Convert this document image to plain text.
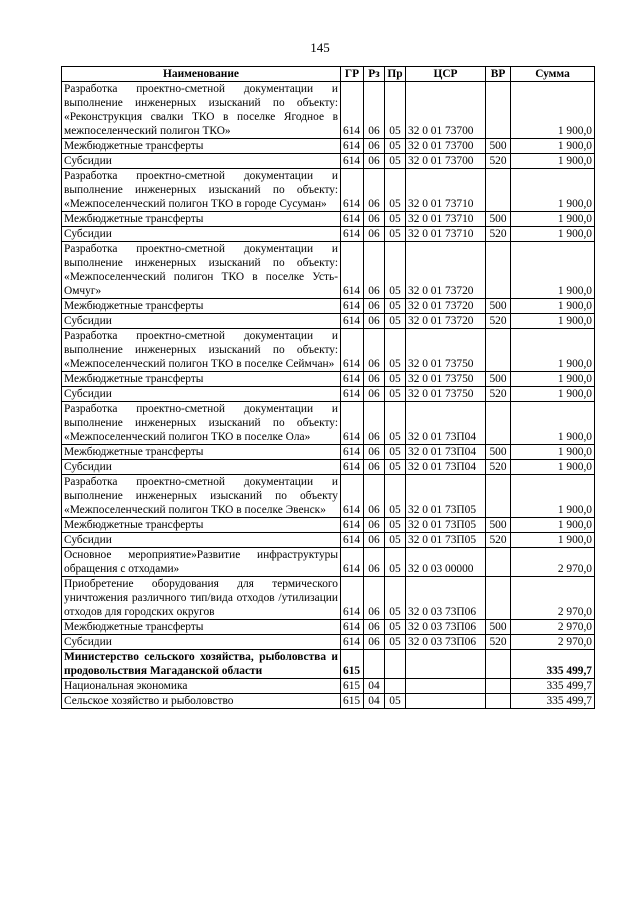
145
Наименование	ГР	Рз	Пр	ЦСР	ВР	Сумма
Разработка проектно-сметной документации и выполнение инженерных изысканий по объекту: «Реконструкция свалки ТКО в поселке Ягодное в межпоселенческий полигон ТКО»	614	06	05	32 0 01 73700		1 900,0
Межбюджетные трансферты	614	06	05	32 0 01 73700	500	1 900,0
Субсидии	614	06	05	32 0 01 73700	520	1 900,0
Разработка проектно-сметной документации и выполнение инженерных изысканий по объекту: «Межпоселенческий полигон ТКО в городе Сусуман»	614	06	05	32 0 01 73710		1 900,0
Межбюджетные трансферты	614	06	05	32 0 01 73710	500	1 900,0
Субсидии	614	06	05	32 0 01 73710	520	1 900,0
Разработка проектно-сметной документации и выполнение инженерных изысканий по объекту: «Межпоселенческий полигон ТКО в поселке Усть-Омчуг»	614	06	05	32 0 01 73720		1 900,0
Межбюджетные трансферты	614	06	05	32 0 01 73720	500	1 900,0
Субсидии	614	06	05	32 0 01 73720	520	1 900,0
Разработка проектно-сметной документации и выполнение инженерных изысканий по объекту: «Межпоселенческий полигон ТКО в поселке Сеймчан»	614	06	05	32 0 01 73750		1 900,0
Межбюджетные трансферты	614	06	05	32 0 01 73750	500	1 900,0
Субсидии	614	06	05	32 0 01 73750	520	1 900,0
Разработка проектно-сметной документации и выполнение инженерных изысканий по объекту: «Межпоселенческий полигон ТКО в поселке Ола»	614	06	05	32 0 01 73П04		1 900,0
Межбюджетные трансферты	614	06	05	32 0 01 73П04	500	1 900,0
Субсидии	614	06	05	32 0 01 73П04	520	1 900,0
Разработка проектно-сметной документации и выполнение инженерных изысканий по объекту «Межпоселенческий полигон ТКО в поселке Эвенск»	614	06	05	32 0 01 73П05		1 900,0
Межбюджетные трансферты	614	06	05	32 0 01 73П05	500	1 900,0
Субсидии	614	06	05	32 0 01 73П05	520	1 900,0
Основное мероприятие»Развитие инфраструктуры обращения с отходами»	614	06	05	32 0 03 00000		2 970,0
Приобретение оборудования для термического уничтожения различного тип/вида отходов /утилизации отходов для городских округов	614	06	05	32 0 03 73П06		2 970,0
Межбюджетные трансферты	614	06	05	32 0 03 73П06	500	2 970,0
Субсидии	614	06	05	32 0 03 73П06	520	2 970,0
Министерство сельского хозяйства, рыболовства и продовольствия Магаданской области	615					335 499,7
Национальная экономика	615	04				335 499,7
Сельское хозяйство и рыболовство	615	04	05			335 499,7
